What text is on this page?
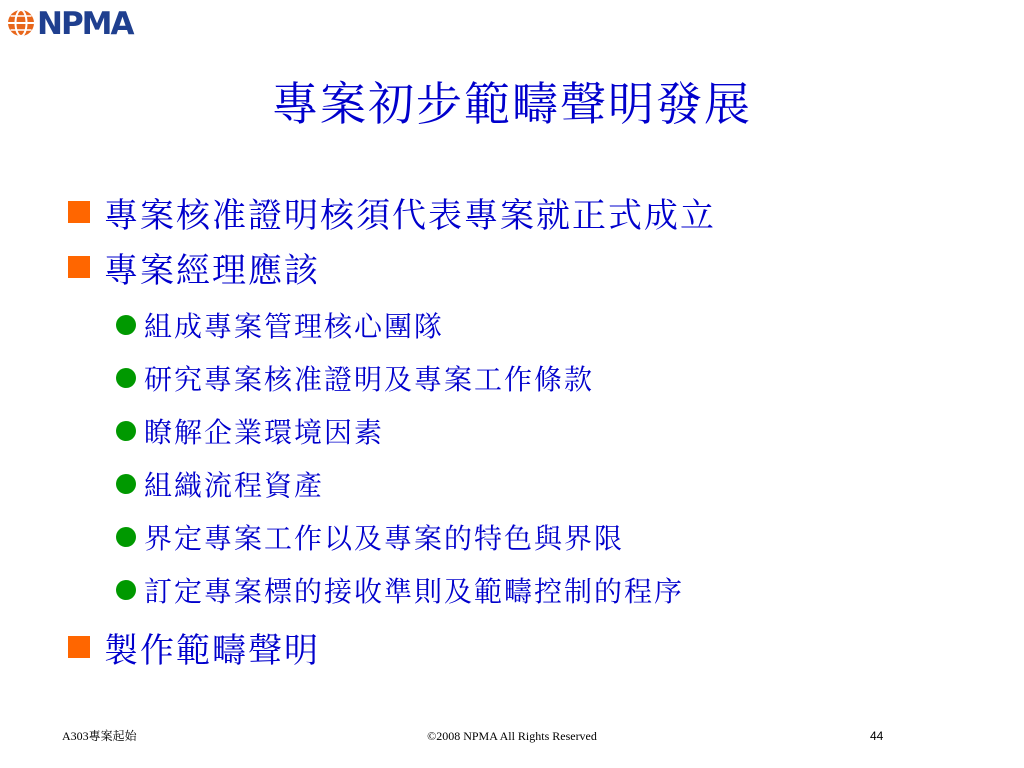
NPMA
專案初步範疇聲明發展
專案核准證明核須代表專案就正式成立
專案經理應該
組成專案管理核心團隊
研究專案核准證明及專案工作條款
瞭解企業環境因素
組織流程資產
界定專案工作以及專案的特色與界限
訂定專案標的接收準則及範疇控制的程序
製作範疇聲明
A303專案起始	©2008 NPMA All Rights Reserved	44
